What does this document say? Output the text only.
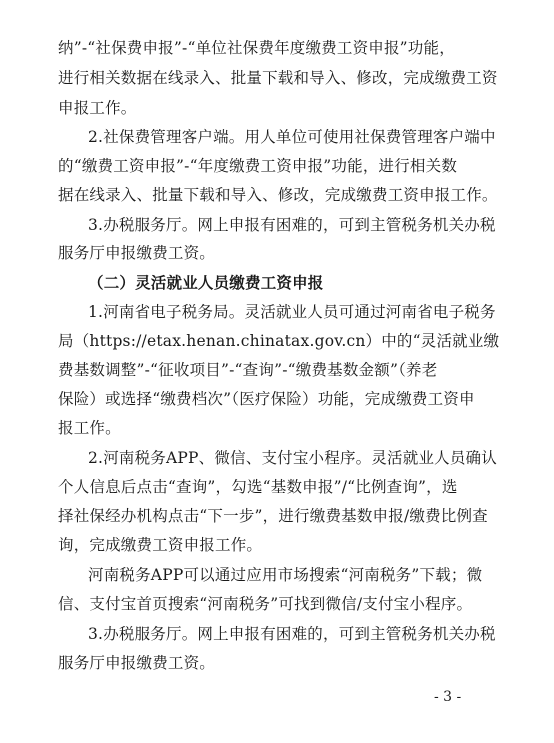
纳”-“社保费申报”-“单位社保费年度缴费工资申报”功能，
进行相关数据在线录入、批量下载和导入、修改，完成缴费工资
申报工作。
2.社保费管理客户端。用人单位可使用社保费管理客户端中
的“缴费工资申报”-“年度缴费工资申报”功能，进行相关数
据在线录入、批量下载和导入、修改，完成缴费工资申报工作。
3.办税服务厅。网上申报有困难的，可到主管税务机关办税
服务厅申报缴费工资。
（二）灵活就业人员缴费工资申报
1.河南省电子税务局。灵活就业人员可通过河南省电子税务
局（https://etax.henan.chinatax.gov.cn）中的“灵活就业缴
费基数调整”-“征收项目”-“查询”-“缴费基数金额”（养老
保险）或选择“缴费档次”（医疗保险）功能，完成缴费工资申
报工作。
2.河南税务APP、微信、支付宝小程序。灵活就业人员确认
个人信息后点击“查询”，勾选“基数申报”/“比例查询”，选
择社保经办机构点击“下一步”，进行缴费基数申报/缴费比例查
询，完成缴费工资申报工作。
河南税务APP可以通过应用市场搜索“河南税务”下载；微
信、支付宝首页搜索“河南税务”可找到微信/支付宝小程序。
3.办税服务厅。网上申报有困难的，可到主管税务机关办税
服务厅申报缴费工资。
- 3 -
